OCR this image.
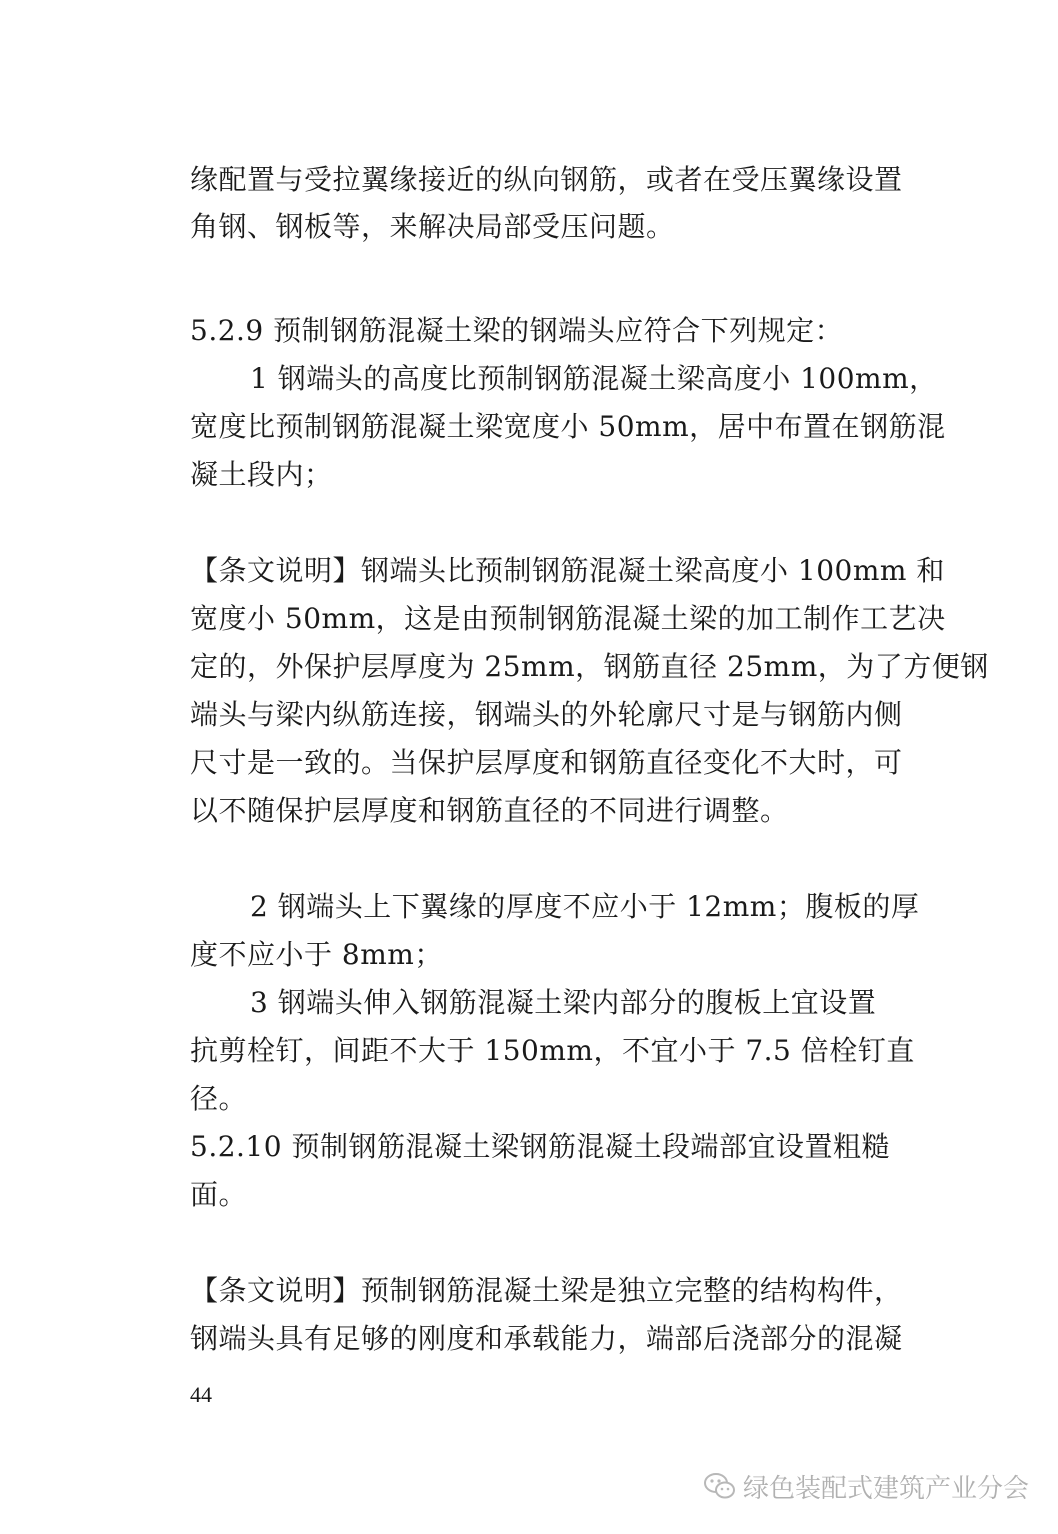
缘配置与受拉翼缘接近的纵向钢筋，或者在受压翼缘设置

角钢、钢板等，来解决局部受压问题。

5.2.9 预制钢筋混凝土梁的钢端头应符合下列规定：

1 钢端头的高度比预制钢筋混凝土梁高度小 100mm，

宽度比预制钢筋混凝土梁宽度小 50mm，居中布置在钢筋混

凝土段内；

【条文说明】钢端头比预制钢筋混凝土梁高度小 100mm 和

宽度小 50mm，这是由预制钢筋混凝土梁的加工制作工艺决

定的，外保护层厚度为 25mm，钢筋直径 25mm，为了方便钢

端头与梁内纵筋连接，钢端头的外轮廓尺寸是与钢筋内侧

尺寸是一致的。当保护层厚度和钢筋直径变化不大时，可

以不随保护层厚度和钢筋直径的不同进行调整。

2 钢端头上下翼缘的厚度不应小于 12mm；腹板的厚

度不应小于 8mm；

3 钢端头伸入钢筋混凝土梁内部分的腹板上宜设置

抗剪栓钉，间距不大于 150mm，不宜小于 7.5 倍栓钉直

径。

5.2.10 预制钢筋混凝土梁钢筋混凝土段端部宜设置粗糙

面。

【条文说明】预制钢筋混凝土梁是独立完整的结构构件，

钢端头具有足够的刚度和承载能力，端部后浇部分的混凝

44
绿色装配式建筑产业分会
